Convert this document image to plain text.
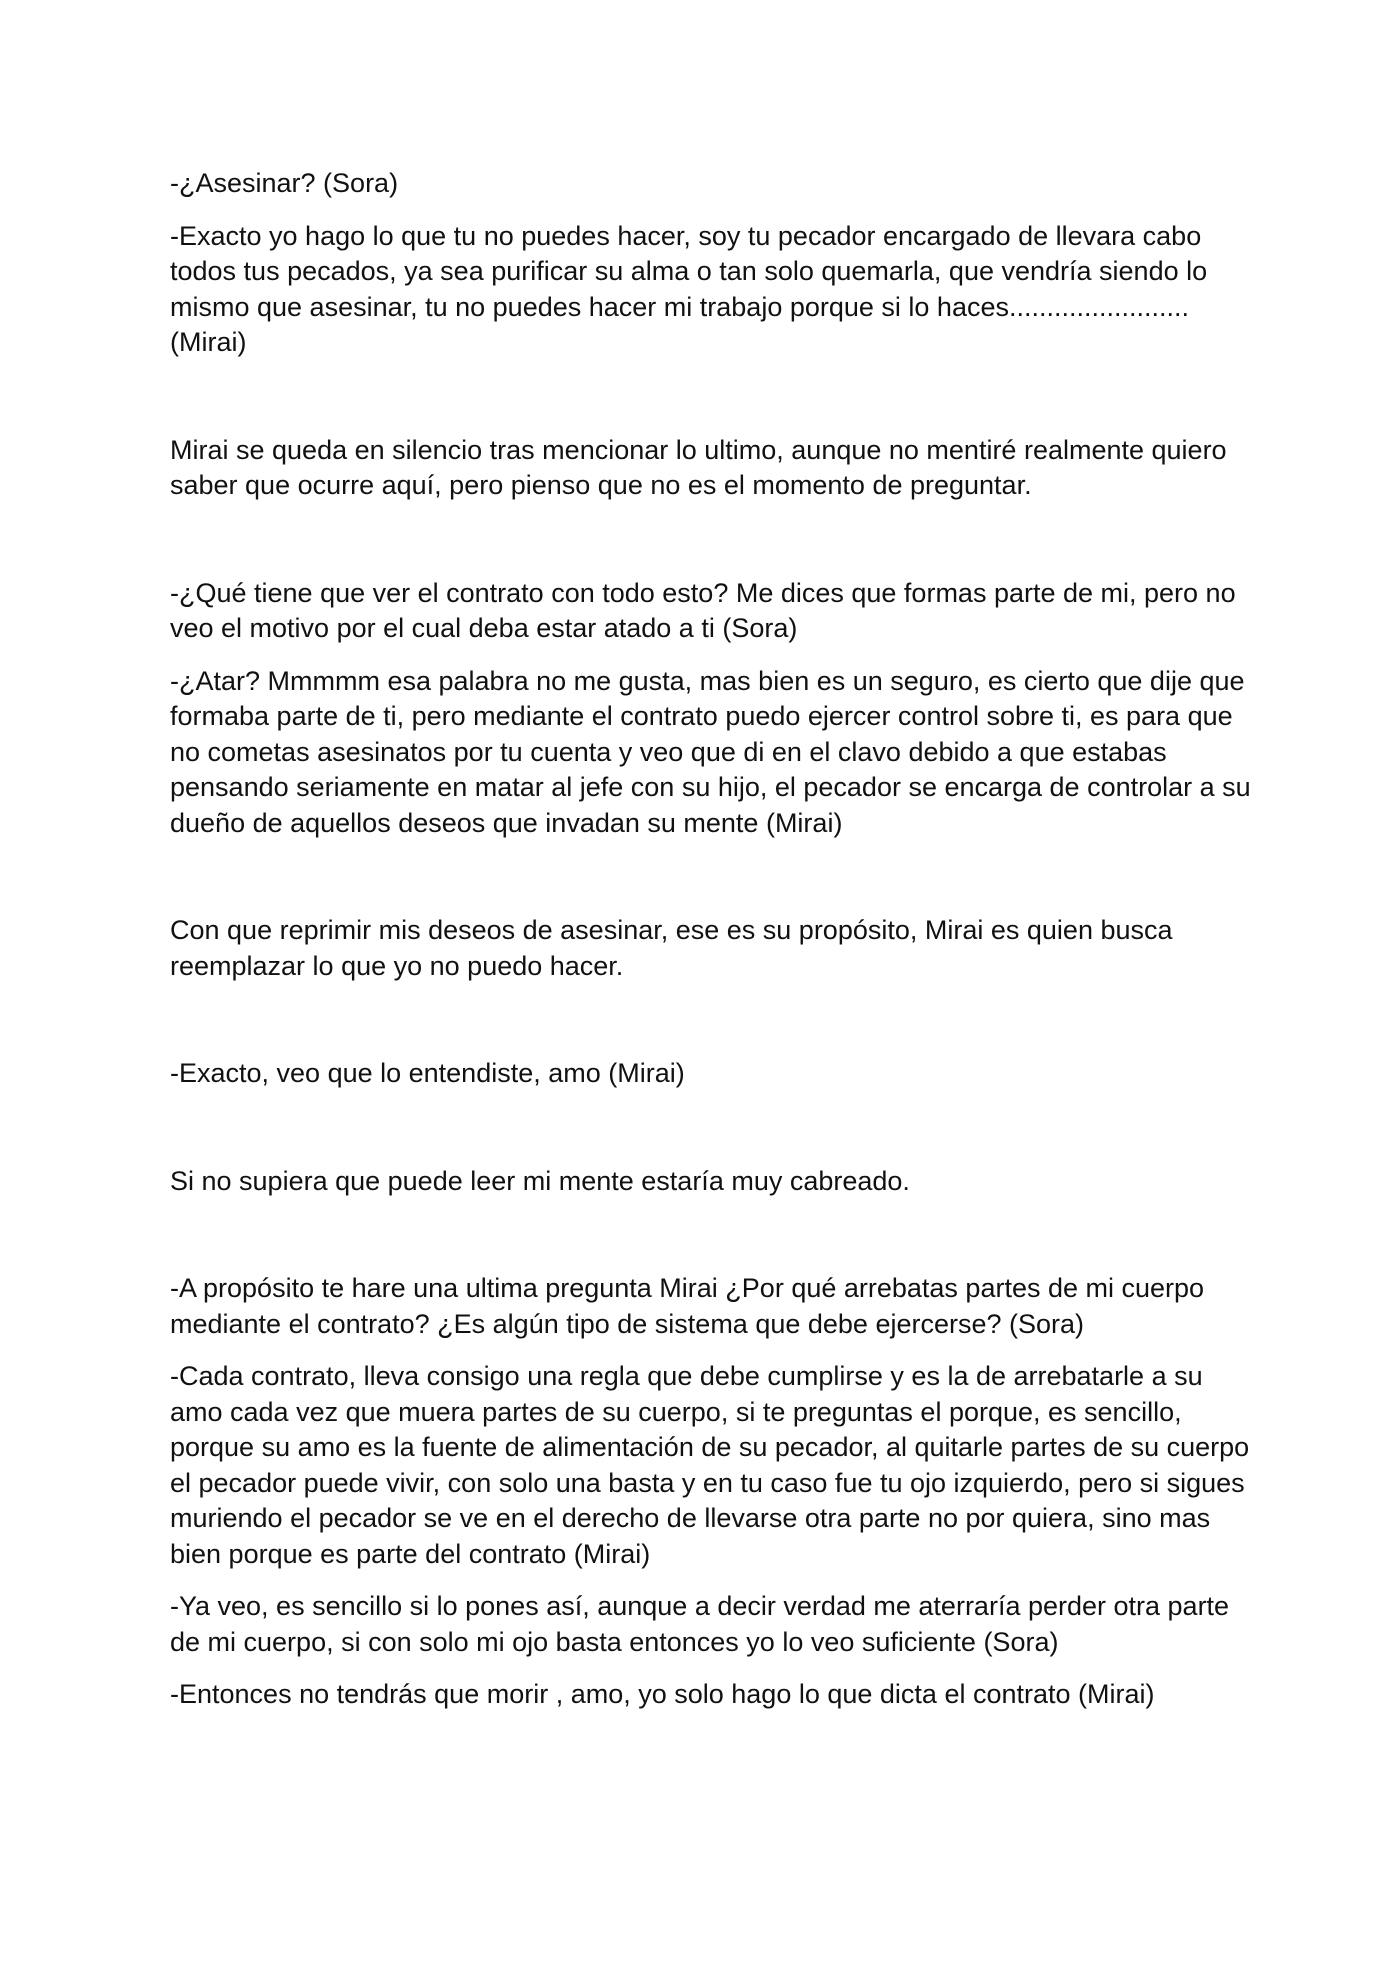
-¿Asesinar? (Sora)

-Exacto yo hago lo que tu no puedes hacer, soy tu pecador encargado de llevara cabo todos tus pecados, ya sea purificar su alma o tan solo quemarla, que vendría siendo lo mismo que asesinar, tu no puedes hacer mi trabajo porque si lo haces........................ (Mirai)

Mirai se queda en silencio tras mencionar lo ultimo, aunque no mentiré realmente quiero saber que ocurre aquí, pero pienso que no es el momento de preguntar.

-¿Qué tiene que ver el contrato con todo esto? Me dices que formas parte de mi, pero no veo el motivo por el cual deba estar atado a ti (Sora)

-¿Atar? Mmmmm esa palabra no me gusta, mas bien es un seguro, es cierto que dije que formaba parte de ti, pero mediante el contrato puedo ejercer control sobre ti, es para que no cometas asesinatos por tu cuenta y veo que di en el clavo debido a que estabas pensando seriamente en matar al jefe con su hijo, el pecador se encarga de controlar a su dueño de aquellos deseos que invadan su mente (Mirai)

Con que reprimir mis deseos de asesinar, ese es su propósito, Mirai es quien busca reemplazar lo que yo no puedo hacer.

-Exacto, veo que lo entendiste, amo (Mirai)

Si no supiera que puede leer mi mente estaría muy cabreado.

-A propósito te hare una ultima pregunta Mirai ¿Por qué arrebatas partes de mi cuerpo mediante el contrato? ¿Es algún tipo de sistema que debe ejercerse? (Sora)

-Cada contrato, lleva consigo una regla que debe cumplirse y es la de arrebatarle a su amo cada vez que muera partes de su cuerpo, si te preguntas el porque, es sencillo, porque su amo es la fuente de alimentación de su pecador, al quitarle partes de su cuerpo el pecador puede vivir, con solo una basta y en tu caso fue tu ojo izquierdo, pero si sigues muriendo el pecador se ve en el derecho de llevarse otra parte no por quiera, sino mas bien porque es parte del contrato (Mirai)

-Ya veo, es sencillo si lo pones así, aunque a decir verdad me aterraría perder otra parte de mi cuerpo, si con solo mi ojo basta entonces yo lo veo suficiente (Sora)

-Entonces no tendrás que morir , amo, yo solo hago lo que dicta el contrato (Mirai)
